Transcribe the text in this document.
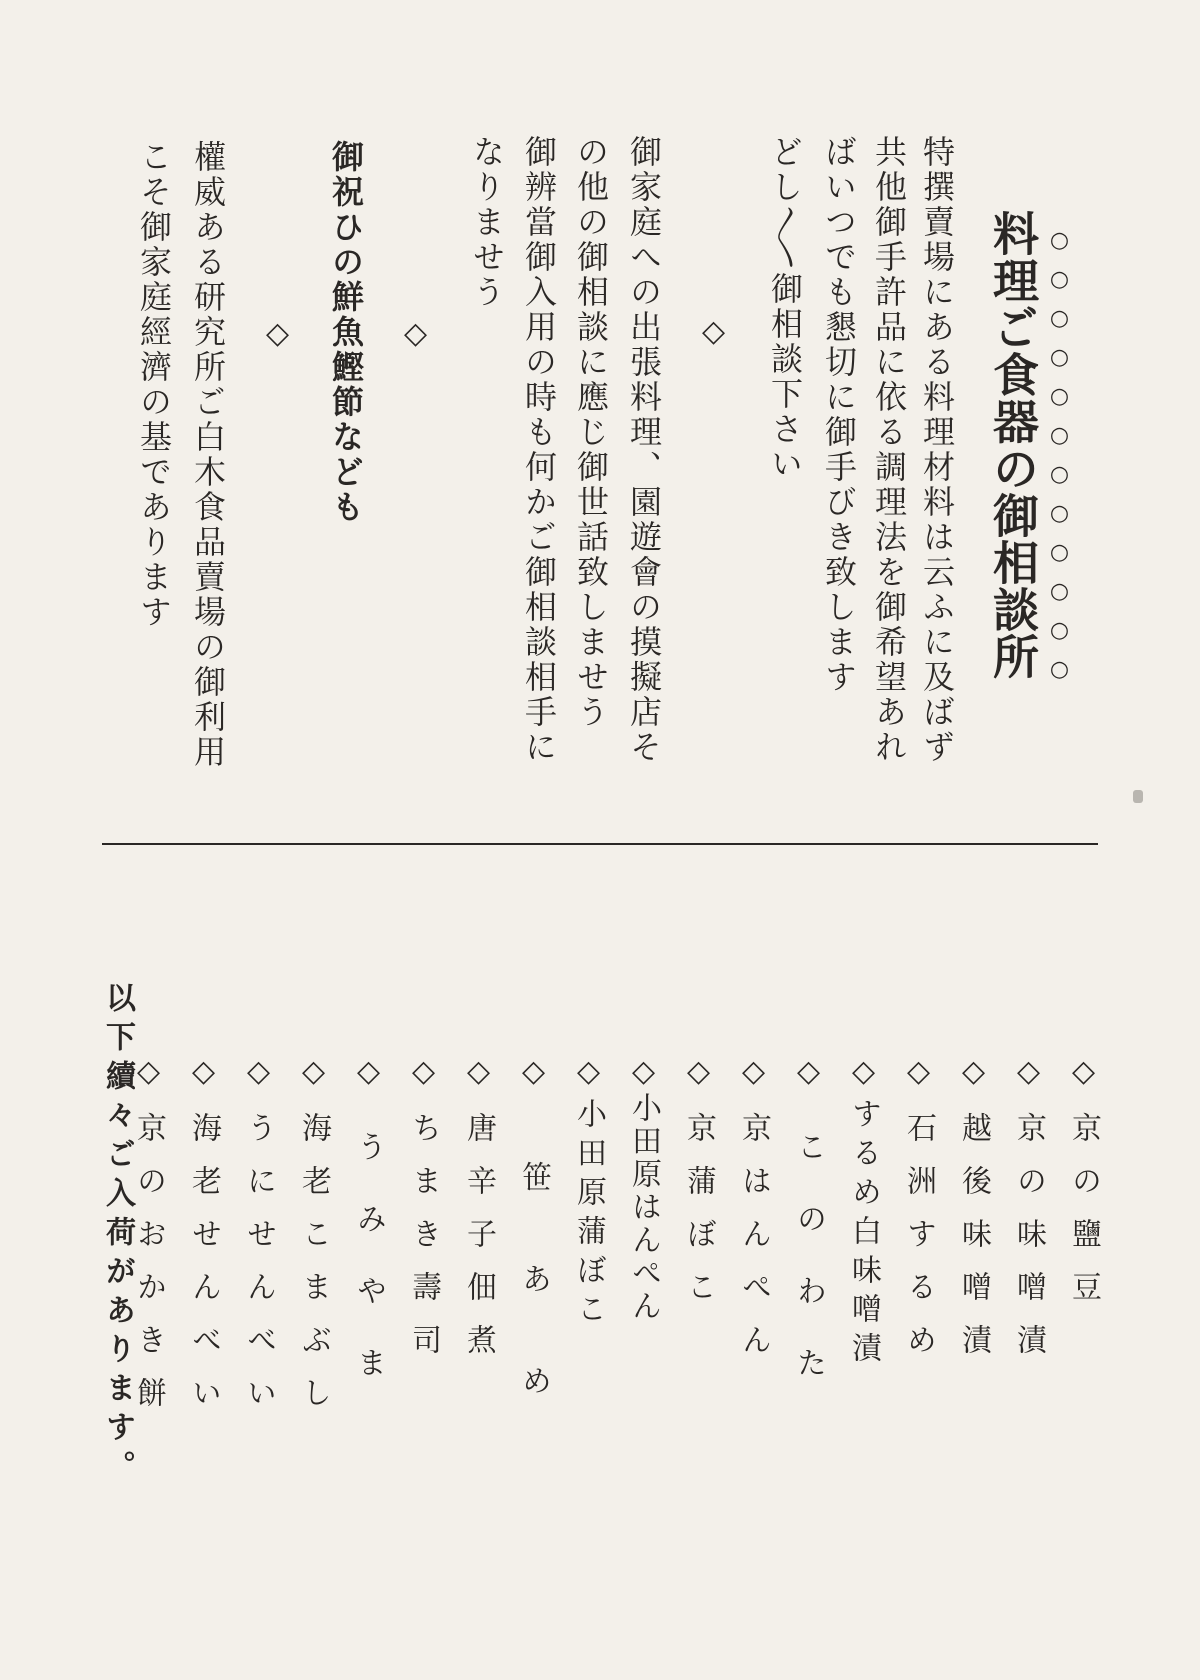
料理ご食器の御相談所 ○○○○○○○○○○○○

特撰賣場にある料理材料は云ふに及ばず

共他御手許品に依る調理法を御希望あれ

ばいつでも懇切に御手びき致します

どし〳〵御相談下さい

◇

御家庭への出張料理、園遊會の摸擬店そ

の他の御相談に應じ御世話致しませう

御辨當御入用の時も何かご御相談相手に

なりませう

◇

御祝ひの鮮魚鰹節なども

◇

權威ある研究所ご白木食品賣場の御利用

こそ御家庭經濟の基であります

◇京の鹽豆
◇京の味噌漬
◇越後味噌漬
◇石洲するめ
◇するめ白味噌漬
◇このわた
◇京はんぺん
◇京蒲ぼこ
◇小田原はんぺん
◇小田原蒲ぼこ
◇笹あめ
◇唐辛子佃煮
◇ちまき壽司
◇うみやま
◇海老こまぶし
◇うにせんべい
◇海老せんべい
◇京のおかき餅

以下續々ご入荷があります。
